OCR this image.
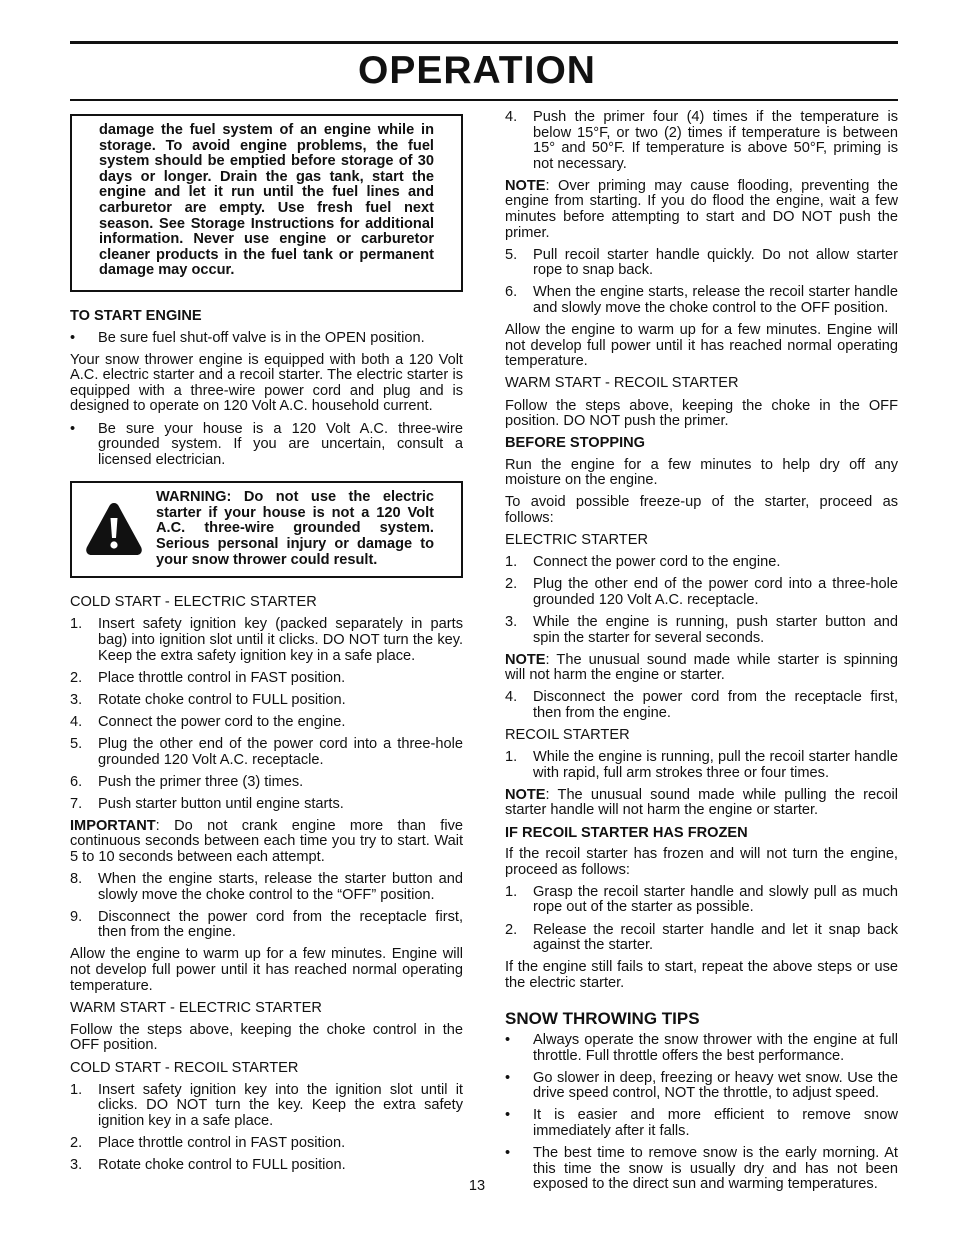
OPERATION

damage the fuel system of an engine while in storage. To avoid engine problems, the fuel system should be emptied before storage of 30 days or longer. Drain the gas tank, start the engine and let it run until the fuel lines and carburetor are empty. Use fresh fuel next season. See Storage Instructions for additional information. Never use engine or carburetor cleaner products in the fuel tank or permanent damage may occur.

TO START ENGINE
• Be sure fuel shut-off valve is in the OPEN position.

Your snow thrower engine is equipped with both a 120 Volt A.C. electric starter and a recoil starter. The electric starter is equipped with a three-wire power cord and plug and is designed to operate on 120 Volt A.C. household current.

• Be sure your house is a 120 Volt A.C. three-wire grounded system. If you are uncertain, consult a licensed electrician.

WARNING: Do not use the electric starter if your house is not a 120 Volt A.C. three-wire grounded system. Serious personal injury or damage to your snow thrower could result.

COLD START - ELECTRIC STARTER
1. Insert safety ignition key (packed separately in parts bag) into ignition slot until it clicks. DO NOT turn the key. Keep the extra safety ignition key in a safe place.
2. Place throttle control in FAST position.
3. Rotate choke control to FULL position.
4. Connect the power cord to the engine.
5. Plug the other end of the power cord into a three-hole grounded 120 Volt A.C. receptacle.
6. Push the primer three (3) times.
7. Push starter button until engine starts.

IMPORTANT: Do not crank engine more than five continuous seconds between each time you try to start. Wait 5 to 10 seconds between each attempt.

8. When the engine starts, release the starter button and slowly move the choke control to the “OFF” position.
9. Disconnect the power cord from the receptacle first, then from the engine.

Allow the engine to warm up for a few minutes. Engine will not develop full power until it has reached normal operating temperature.

WARM START - ELECTRIC STARTER

Follow the steps above, keeping the choke control in the OFF position.

COLD START - RECOIL STARTER
1. Insert safety ignition key into the ignition slot until it clicks. DO NOT turn the key. Keep the extra safety ignition key in a safe place.
2. Place throttle control in FAST position.
3. Rotate choke control to FULL position.
4. Push the primer four (4) times if the temperature is below 15°F, or two (2) times if temperature is between 15° and 50°F. If temperature is above 50°F, priming is not necessary.

NOTE: Over priming may cause flooding, preventing the engine from starting. If you do flood the engine, wait a few minutes before attempting to start and DO NOT push the primer.

5. Pull recoil starter handle quickly. Do not allow starter rope to snap back.
6. When the engine starts, release the recoil starter handle and slowly move the choke control to the OFF position.

Allow the engine to warm up for a few minutes. Engine will not develop full power until it has reached normal operating temperature.

WARM START - RECOIL STARTER

Follow the steps above, keeping the choke in the OFF position. DO NOT push the primer.

BEFORE STOPPING

Run the engine for a few minutes to help dry off any moisture on the engine.

To avoid possible freeze-up of the starter, proceed as follows:

ELECTRIC STARTER
1. Connect the power cord to the engine.
2. Plug the other end of the power cord into a three-hole grounded 120 Volt A.C. receptacle.
3. While the engine is running, push starter button and spin the starter for several seconds.

NOTE: The unusual sound made while starter is spinning will not harm the engine or starter.

4. Disconnect the power cord from the receptacle first, then from the engine.
RECOIL STARTER
1. While the engine is running, pull the recoil starter handle with rapid, full arm strokes three or four times.

NOTE: The unusual sound made while pulling the recoil starter handle will not harm the engine or starter.

IF RECOIL STARTER HAS FROZEN

If the recoil starter has frozen and will not turn the engine, proceed as follows:

1. Grasp the recoil starter handle and slowly pull as much rope out of the starter as possible.
2. Release the recoil starter handle and let it snap back against the starter.

If the engine still fails to start, repeat the above steps or use the electric starter.

SNOW THROWING TIPS
• Always operate the snow thrower with the engine at full throttle. Full throttle offers the best performance.
• Go slower in deep, freezing or heavy wet snow. Use the drive speed control, NOT the throttle, to adjust speed.
• It is easier and more efficient to remove snow immediately after it falls.
• The best time to remove snow is the early morning. At this time the snow is usually dry and has not been exposed to the direct sun and warming temperatures.
13
